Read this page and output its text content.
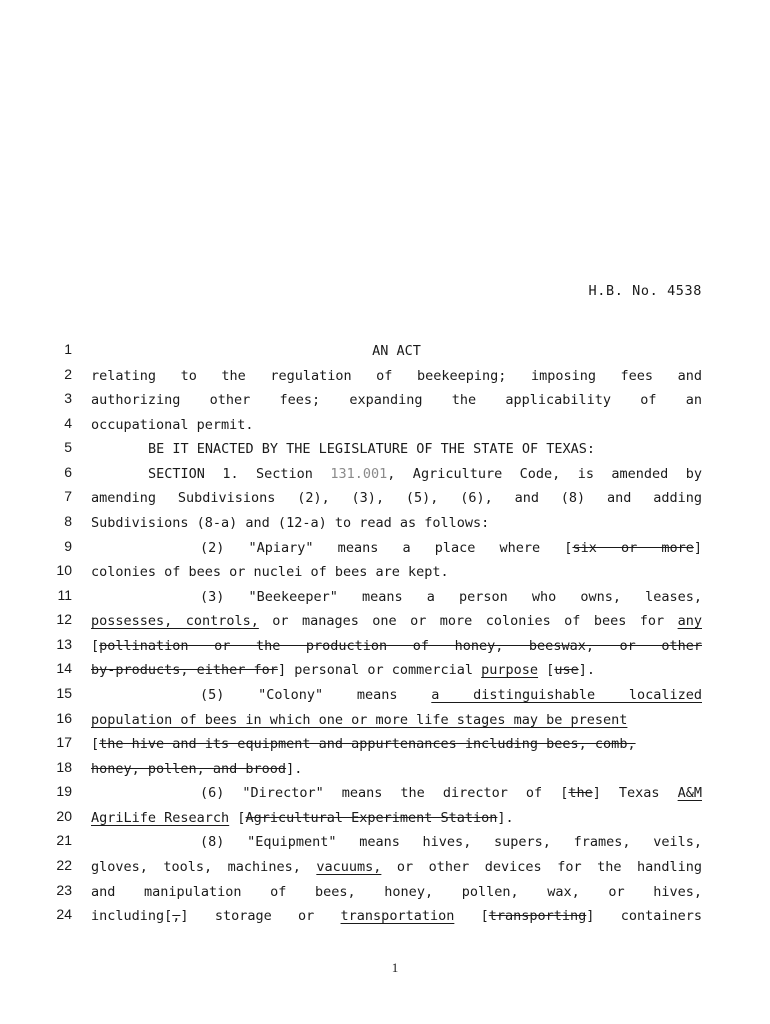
H.B. No. 4538
1
2
3
4
5
6
7
8
9
10
11
12
13
14
15
16
17
18
19
20
21
22
23
24
AN ACT
relating to the regulation of beekeeping; imposing fees and
authorizing other fees; expanding the applicability of an
occupational permit.
BE IT ENACTED BY THE LEGISLATURE OF THE STATE OF TEXAS:
SECTION 1. Section 131.001, Agriculture Code, is amended by
amending Subdivisions (2), (3), (5), (6), and (8) and adding
Subdivisions (8-a) and (12-a) to read as follows:
(2) "Apiary" means a place where [six or more]
colonies of bees or nuclei of bees are kept.
(3) "Beekeeper" means a person who owns, leases,
possesses, controls, or manages one or more colonies of bees for any
[pollination or the production of honey, beeswax, or other
by-products, either for] personal or commercial purpose [use].
(5) "Colony" means a distinguishable localized
population of bees in which one or more life stages may be present
[the hive and its equipment and appurtenances including bees, comb,
honey, pollen, and brood].
(6) "Director" means the director of [the] Texas A&M
AgriLife Research [Agricultural Experiment Station].
(8) "Equipment" means hives, supers, frames, veils,
gloves, tools, machines, vacuums, or other devices for the handling
and manipulation of bees, honey, pollen, wax, or hives,
including[,] storage or transportation [transporting] containers
1
